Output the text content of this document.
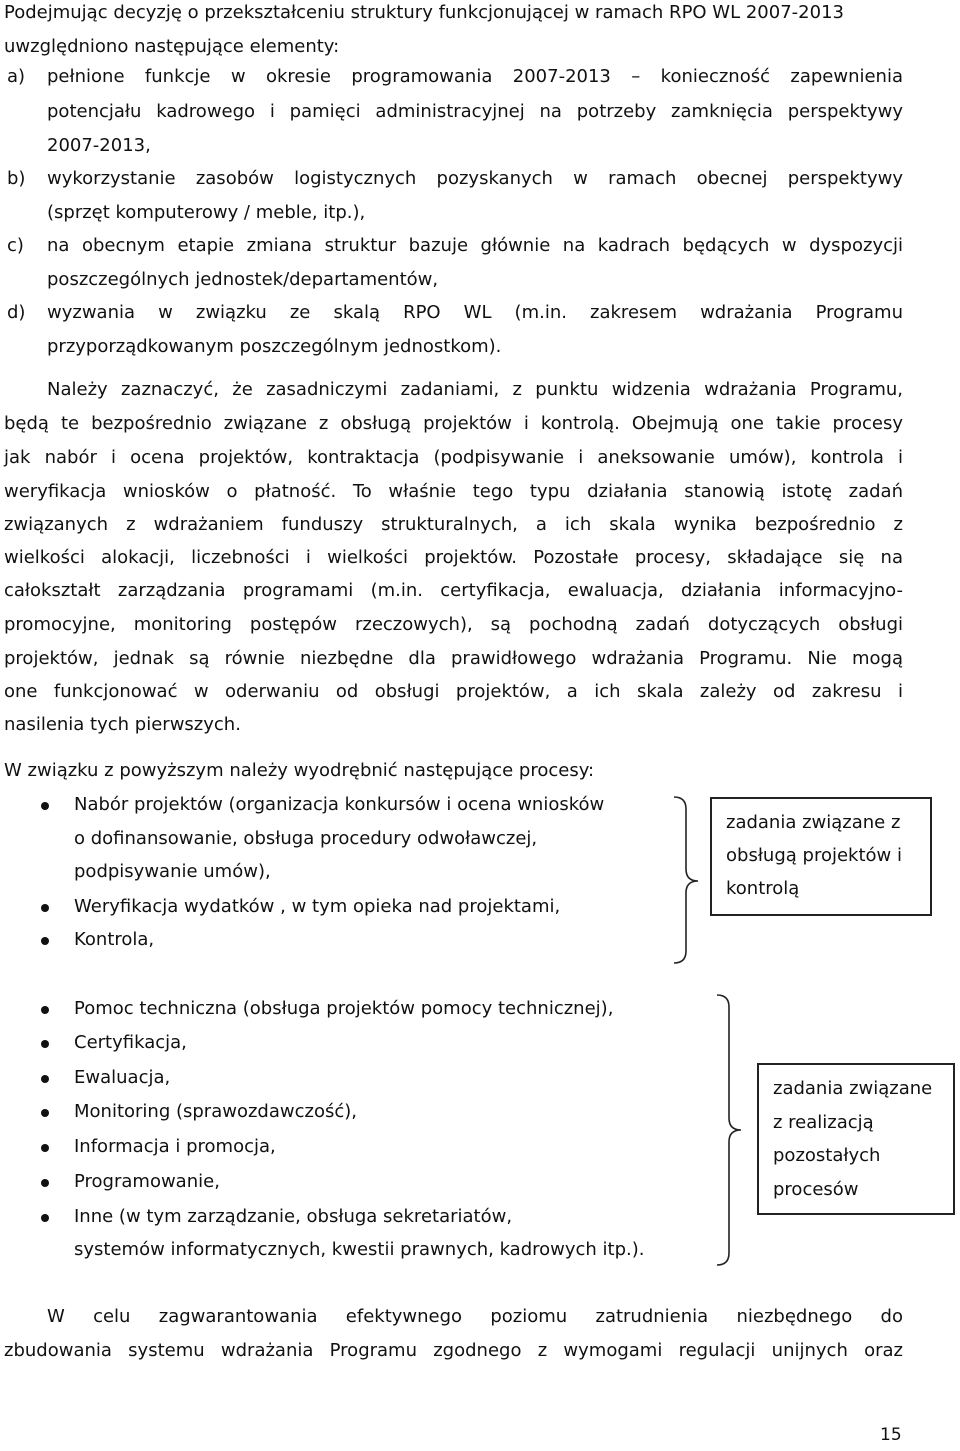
Podejmując decyzję o przekształceniu struktury funkcjonującej w ramach RPO WL 2007-2013
uwzględniono następujące elementy:
a) pełnione funkcje w okresie programowania 2007-2013 – konieczność zapewnienia
potencjału kadrowego i pamięci administracyjnej na potrzeby zamknięcia perspektywy
2007-2013,
b) wykorzystanie zasobów logistycznych pozyskanych w ramach obecnej perspektywy
(sprzęt komputerowy / meble, itp.),
c) na obecnym etapie zmiana struktur bazuje głównie na kadrach będących w dyspozycji
poszczególnych jednostek/departamentów,
d) wyzwania w związku ze skalą RPO WL (m.in. zakresem wdrażania Programu
przyporządkowanym poszczególnym jednostkom).
Należy zaznaczyć, że zasadniczymi zadaniami, z punktu widzenia wdrażania Programu,
będą te bezpośrednio związane z obsługą projektów i kontrolą. Obejmują one takie procesy
jak nabór i ocena projektów, kontraktacja (podpisywanie i aneksowanie umów), kontrola i
weryfikacja wniosków o płatność. To właśnie tego typu działania stanowią istotę zadań
związanych z wdrażaniem funduszy strukturalnych, a ich skala wynika bezpośrednio z
wielkości alokacji, liczebności i wielkości projektów. Pozostałe procesy, składające się na
całokształt zarządzania programami (m.in. certyfikacja, ewaluacja, działania informacyjno-
promocyjne, monitoring postępów rzeczowych), są pochodną zadań dotyczących obsługi
projektów, jednak są równie niezbędne dla prawidłowego wdrażania Programu. Nie mogą
one funkcjonować w oderwaniu od obsługi projektów, a ich skala zależy od zakresu i
nasilenia tych pierwszych.
W związku z powyższym należy wyodrębnić następujące procesy:
Nabór projektów (organizacja konkursów i ocena wniosków
o dofinansowanie, obsługa procedury odwoławczej,
podpisywanie umów),
Weryfikacja wydatków , w tym opieka nad projektami,
Kontrola,
zadania związane z
obsługą projektów i
kontrolą
Pomoc techniczna (obsługa projektów pomocy technicznej),
Certyfikacja,
Ewaluacja,
Monitoring (sprawozdawczość),
Informacja i promocja,
Programowanie,
Inne (w tym zarządzanie, obsługa sekretariatów,
systemów informatycznych, kwestii prawnych, kadrowych itp.).
zadania związane
z realizacją
pozostałych
procesów
W celu zagwarantowania efektywnego poziomu zatrudnienia niezbędnego do
zbudowania systemu wdrażania Programu zgodnego z wymogami regulacji unijnych oraz
15
